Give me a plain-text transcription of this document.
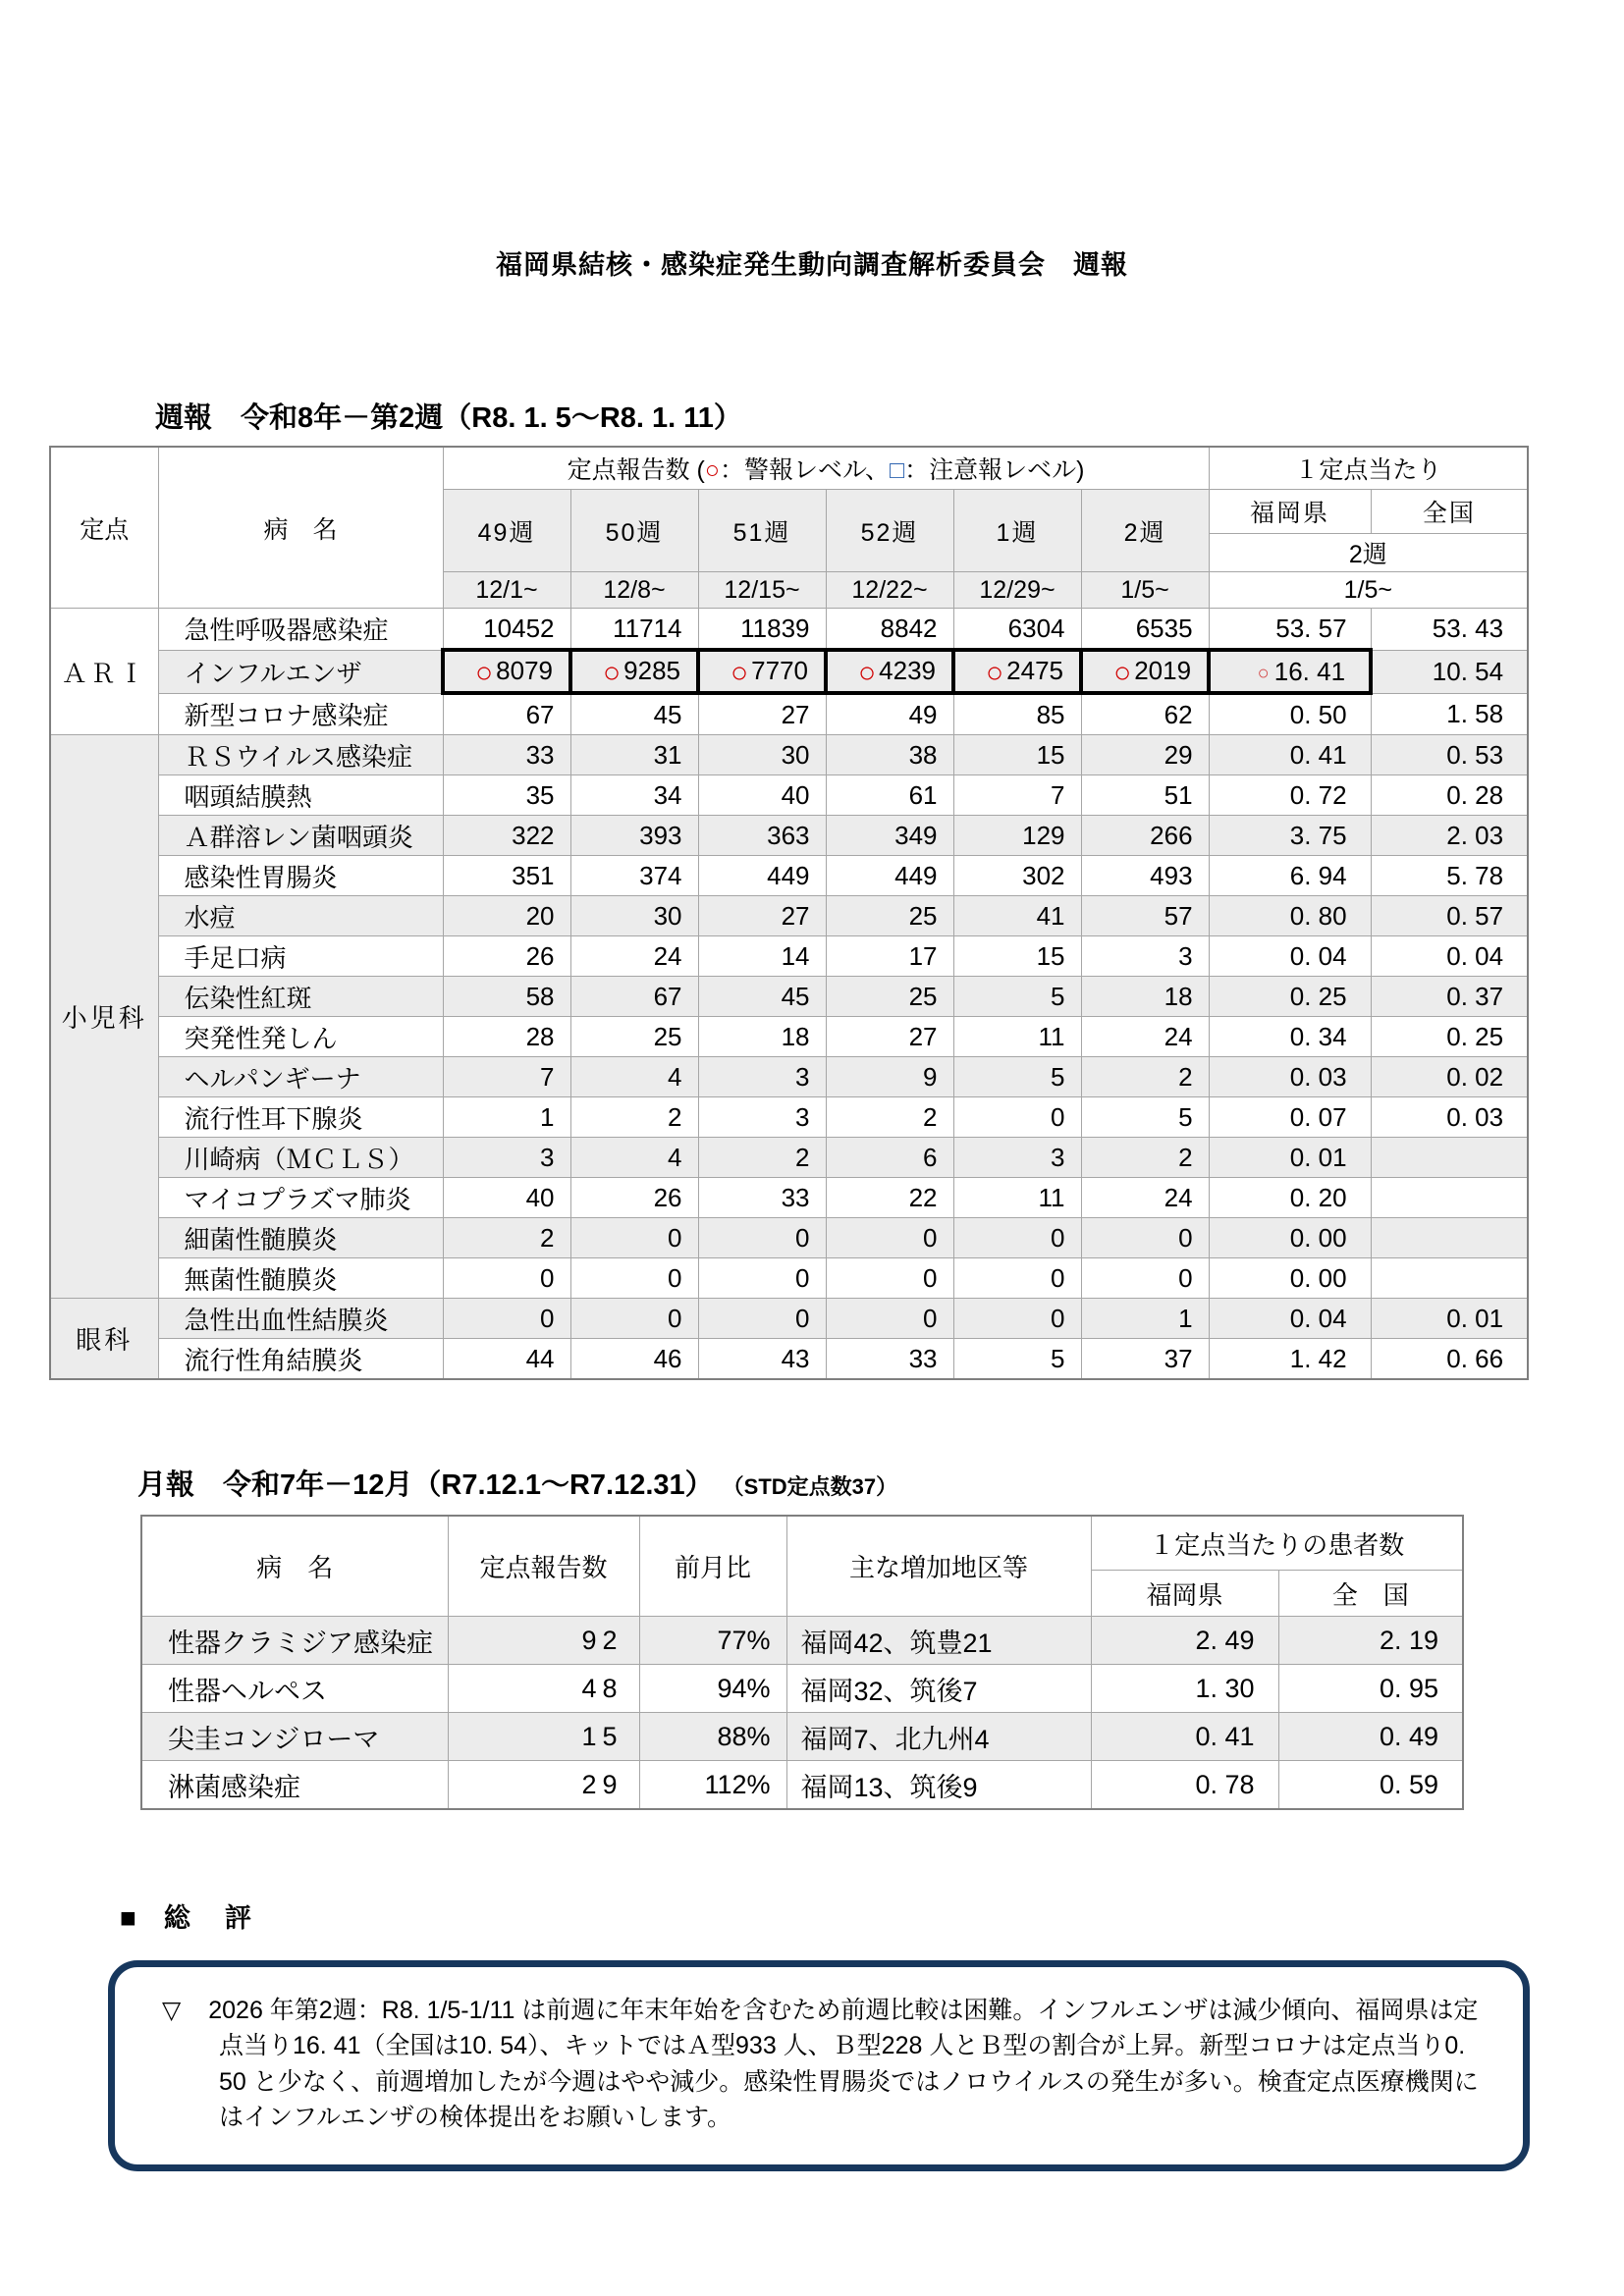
福岡県結核・感染症発生動向調査解析委員会　週報
週報　令和8年－第2週（R8. 1. 5～R8. 1. 11）
定点	病　名	定点報告数 (○：警報レベル、□：注意報レベル)						１定点当たり	
		49週	50週	51週	52週	1週	2週	福岡県	全国
								2週	
		12/1~	12/8~	12/15~	12/22~	12/29~	1/5~	1/5~	
ＡＲＩ	急性呼吸器感染症	10452	11714	11839	8842	6304	6535	53. 57	53. 43
	インフルエンザ	○ 8079	○ 9285	○ 7770	○ 4239	○ 2475	○ 2019	○ 16. 41	10. 54
	新型コロナ感染症	67	45	27	49	85	62	0. 50	1. 58
小児科	ＲＳウイルス感染症	33	31	30	38	15	29	0. 41	0. 53
	咽頭結膜熱	35	34	40	61	7	51	0. 72	0. 28
	Ａ群溶レン菌咽頭炎	322	393	363	349	129	266	3. 75	2. 03
	感染性胃腸炎	351	374	449	449	302	493	6. 94	5. 78
	水痘	20	30	27	25	41	57	0. 80	0. 57
	手足口病	26	24	14	17	15	3	0. 04	0. 04
	伝染性紅斑	58	67	45	25	5	18	0. 25	0. 37
	突発性発しん	28	25	18	27	11	24	0. 34	0. 25
	ヘルパンギーナ	7	4	3	9	5	2	0. 03	0. 02
	流行性耳下腺炎	1	2	3	2	0	5	0. 07	0. 03
	川崎病（ＭＣＬＳ）	3	4	2	6	3	2	0. 01	
	マイコプラズマ肺炎	40	26	33	22	11	24	0. 20	
	細菌性髄膜炎	2	0	0	0	0	0	0. 00	
	無菌性髄膜炎	0	0	0	0	0	0	0. 00	
眼科	急性出血性結膜炎	0	0	0	0	0	1	0. 04	0. 01
	流行性角結膜炎	44	46	43	33	5	37	1. 42	0. 66
月報　令和7年－12月（R7.12.1～R7.12.31） （STD定点数37）
病　名	定点報告数	前月比	主な増加地区等	１定点当たりの患者数	
				福岡県	全　国
性器クラミジア感染症	92	77%	福岡42、筑豊21	2. 49	2. 19
性器ヘルペス	48	94%	福岡32、筑後7	1. 30	0. 95
尖圭コンジローマ	15	88%	福岡7、北九州4	0. 41	0. 49
淋菌感染症	29	112%	福岡13、筑後9	0. 78	0. 59
■ 総　評

▽ 2026 年第2週：R8. 1/5-1/11 は前週に年末年始を含むため前週比較は困難。インフルエンザは減少傾向、福岡県は定点当り16. 41（全国は10. 54）、キットではＡ型933 人、Ｂ型228 人とＢ型の割合が上昇。新型コロナは定点当り0. 50 と少なく、前週増加したが今週はやや減少。感染性胃腸炎ではノロウイルスの発生が多い。検査定点医療機関にはインフルエンザの検体提出をお願いします。
